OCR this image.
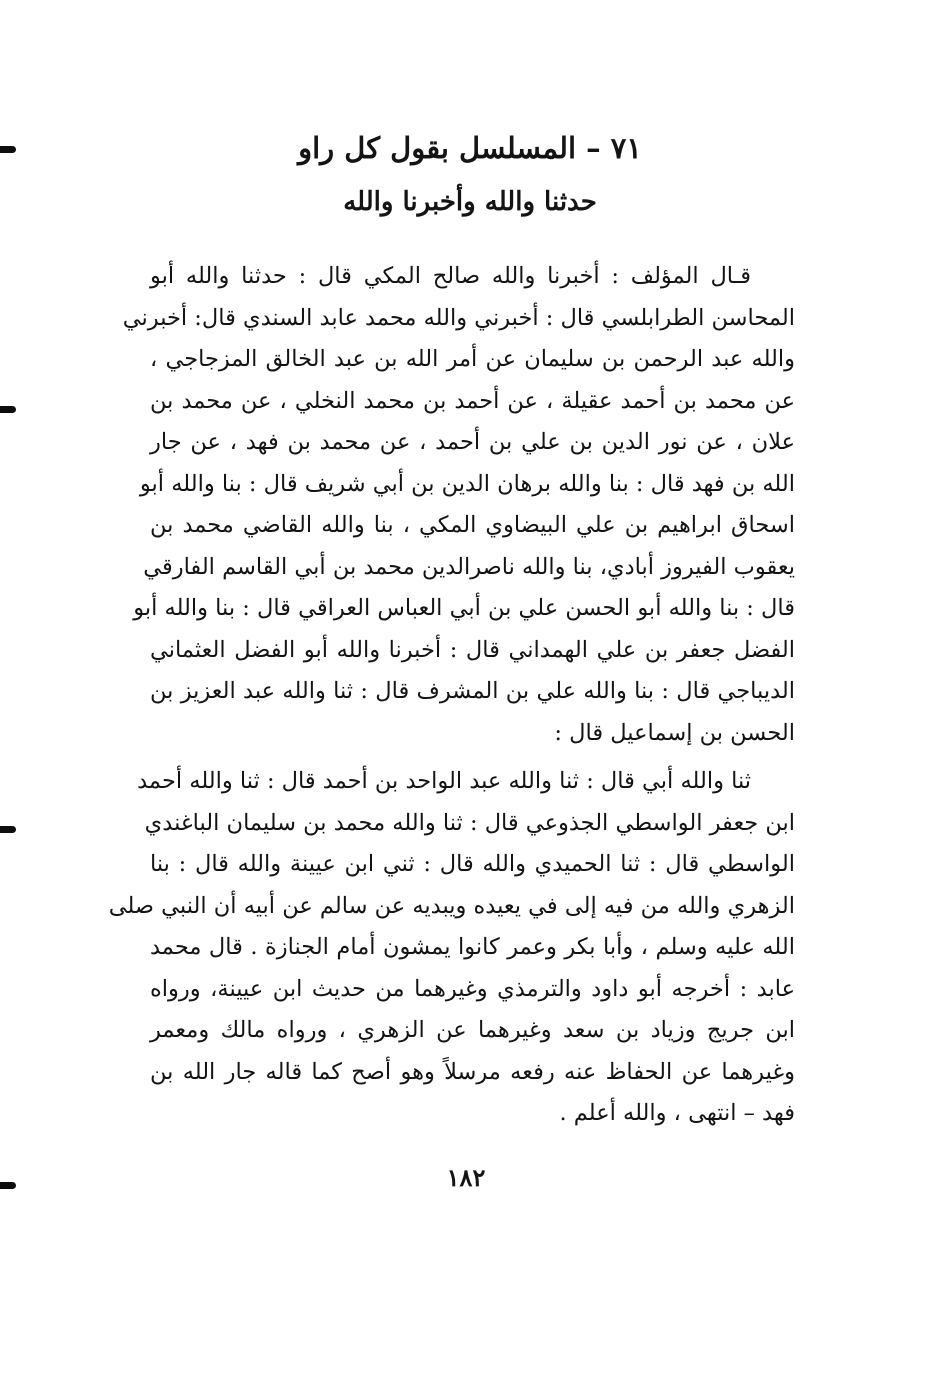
٧١ – المسلسل بقول كل راو
حدثنا والله وأخبرنا والله
قـال المؤلف : أخبرنا والله صالح المكي قال : حدثنا والله أبو
المحاسن الطرابلسي قال : أخبرني والله محمد عابد السندي قال: أخبرني
والله عبد الرحمن بن سليمان عن أمر الله بن عبد الخالق المزجاجي ،
عن محمد بن أحمد عقيلة ، عن أحمد بن محمد النخلي ، عن محمد بن
علان ، عن نور الدين بن علي بن أحمد ، عن محمد بن فهد ، عن جار
الله بن فهد قال : بنا والله برهان الدين بن أبي شريف قال : بنا والله أبو
اسحاق ابراهيم بن علي البيضاوي المكي ، بنا والله القاضي محمد بن
يعقوب الفيروز أبادي، بنا والله ناصرالدين محمد بن أبي القاسم الفارقي
قال : بنا والله أبو الحسن علي بن أبي العباس العراقي قال : بنا والله أبو
الفضل جعفر بن علي الهمداني قال : أخبرنا والله أبو الفضل العثماني
الديباجي قال : بنا والله علي بن المشرف قال : ثنا والله عبد العزيز بن
الحسن بن إسماعيل قال :
ثنا والله أبي قال : ثنا والله عبد الواحد بن أحمد قال : ثنا والله أحمد
ابن جعفر الواسطي الجذوعي قال : ثنا والله محمد بن سليمان الباغندي
الواسطي قال : ثنا الحميدي والله قال : ثني ابن عيينة والله قال : بنا
الزهري والله من فيه إلى في يعيده ويبديه عن سالم عن أبيه أن النبي صلى
الله عليه وسلم ، وأبا بكر وعمر كانوا يمشون أمام الجنازة . قال محمد
عابد : أخرجه أبو داود والترمذي وغيرهما من حديث ابن عيينة، ورواه
ابن جريج وزياد بن سعد وغيرهما عن الزهري ، ورواه مالك ومعمر
وغيرهما عن الحفاظ عنه رفعه مرسلاً وهو أصح كما قاله جار الله بن
فهد – انتهى ، والله أعلم .
١٨٢
